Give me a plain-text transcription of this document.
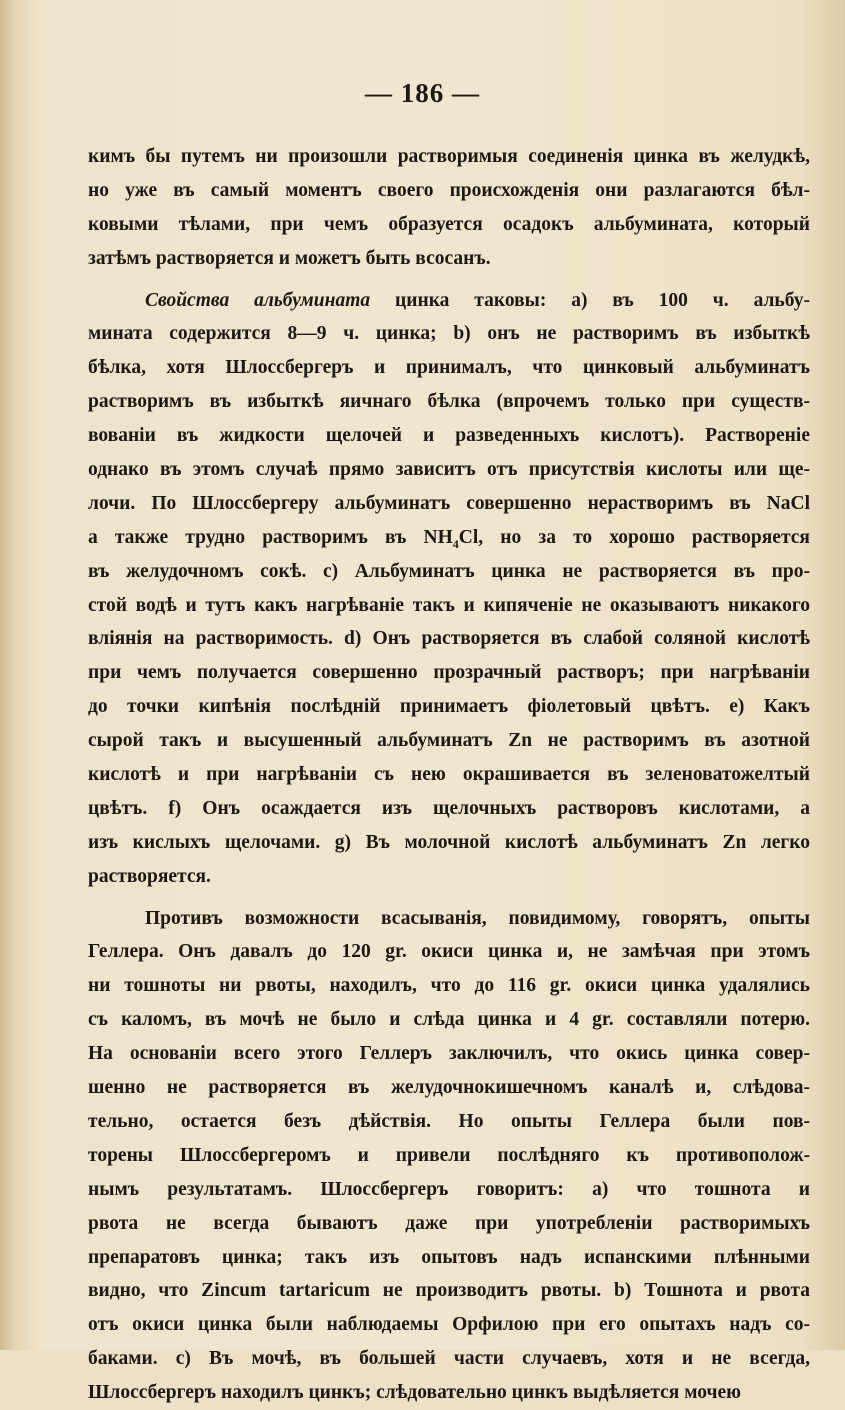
— 186 —
кимъ бы путемъ ни произошли растворимыя соединенія цинка въ желудкѣ,
но уже въ самый моментъ своего происхожденія они разлагаются бѣл-
ковыми тѣлами, при чемъ образуется осадокъ альбумината, который
затѣмъ растворяется и можетъ быть всосанъ.
Свойства альбумината цинка таковы: а) въ 100 ч. альбу-
мината содержится 8—9 ч. цинка; b) онъ не растворимъ въ избыткѣ
бѣлка, хотя Шлоссбергеръ и принималъ, что цинковый альбуминатъ
растворимъ въ избыткѣ яичнаго бѣлка (впрочемъ только при существ-
вованіи въ жидкости щелочей и разведенныхъ кислотъ). Раствореніе
однако въ этомъ случаѣ прямо зависитъ отъ присутствія кислоты или ще-
лочи. По Шлоссбергеру альбуминатъ совершенно нерастворимъ въ NaCl
а также трудно растворимъ въ $NH_4Cl$, но за то хорошо растворяется
въ желудочномъ сокѣ. c) Альбуминатъ цинка не растворяется въ про-
стой водѣ и тутъ какъ нагрѣваніе такъ и кипяченіе не оказываютъ никакого
вліянія на растворимость. d) Онъ растворяется въ слабой соляной кислотѣ
при чемъ получается совершенно прозрачный растворъ; при нагрѣваніи
до точки кипѣнія послѣдній принимаетъ фіолетовый цвѣтъ. e) Какъ
сырой такъ и высушенный альбуминатъ Zn не растворимъ въ азотной
кислотѣ и при нагрѣваніи съ нею окрашивается въ зеленоватожелтый
цвѣтъ. f) Онъ осаждается изъ щелочныхъ растворовъ кислотами, а
изъ кислыхъ щелочами. g) Въ молочной кислотѣ альбуминатъ Zn легко
растворяется.
Противъ возможности всасыванія, повидимому, говорятъ, опыты
Геллера. Онъ давалъ до 120 gr. окиси цинка и, не замѣчая при этомъ
ни тошноты ни рвоты, находилъ, что до 116 gr. окиси цинка удалялись
съ каломъ, въ мочѣ не было и слѣда цинка и 4 gr. составляли потерю.
На основаніи всего этого Геллеръ заключилъ, что окись цинка совер-
шенно не растворяется въ желудочнокишечномъ каналѣ и, слѣдова-
тельно, остается безъ дѣйствія. Но опыты Геллера были пов-
торены Шлоссбергеромъ и привели послѣдняго къ противополож-
нымъ результатамъ. Шлоссбергеръ говоритъ: а) что тошнота и
рвота не всегда бываютъ даже при употребленіи растворимыхъ
препаратовъ цинка; такъ изъ опытовъ надъ испанскими плѣнными
видно, что Zincum tartaricum не производитъ рвоты. b) Тошнота и рвота
отъ окиси цинка были наблюдаемы Орфилою при его опытахъ надъ со-
баками. c) Въ мочѣ, въ большей части случаевъ, хотя и не всегда,
Шлоссбергеръ находилъ цинкъ; слѣдовательно цинкъ выдѣляется мочею
